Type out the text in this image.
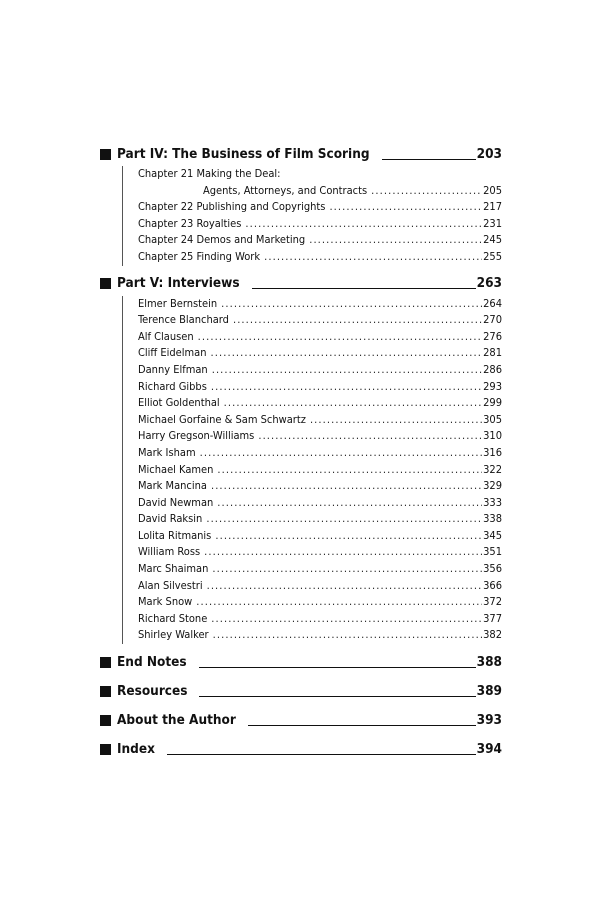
Part IV: The Business of Film Scoring	203
Chapter 21 Making the Deal:
Agents, Attorneys, and Contracts .....	205
Chapter 22 Publishing and Copyrights .....	217
Chapter 23 Royalties .....	231
Chapter 24 Demos and Marketing .....	245
Chapter 25 Finding Work .....	255
Part V: Interviews	263
Elmer Bernstein .....	264
Terence Blanchard .....	270
Alf Clausen .....	276
Cliff Eidelman .....	281
Danny Elfman .....	286
Richard Gibbs .....	293
Elliot Goldenthal .....	299
Michael Gorfaine & Sam Schwartz .....	305
Harry Gregson-Williams .....	310
Mark Isham .....	316
Michael Kamen .....	322
Mark Mancina .....	329
David Newman .....	333
David Raksin .....	338
Lolita Ritmanis .....	345
William Ross .....	351
Marc Shaiman .....	356
Alan Silvestri .....	366
Mark Snow .....	372
Richard Stone .....	377
Shirley Walker .....	382
End Notes	388
Resources	389
About the Author	393
Index	394
